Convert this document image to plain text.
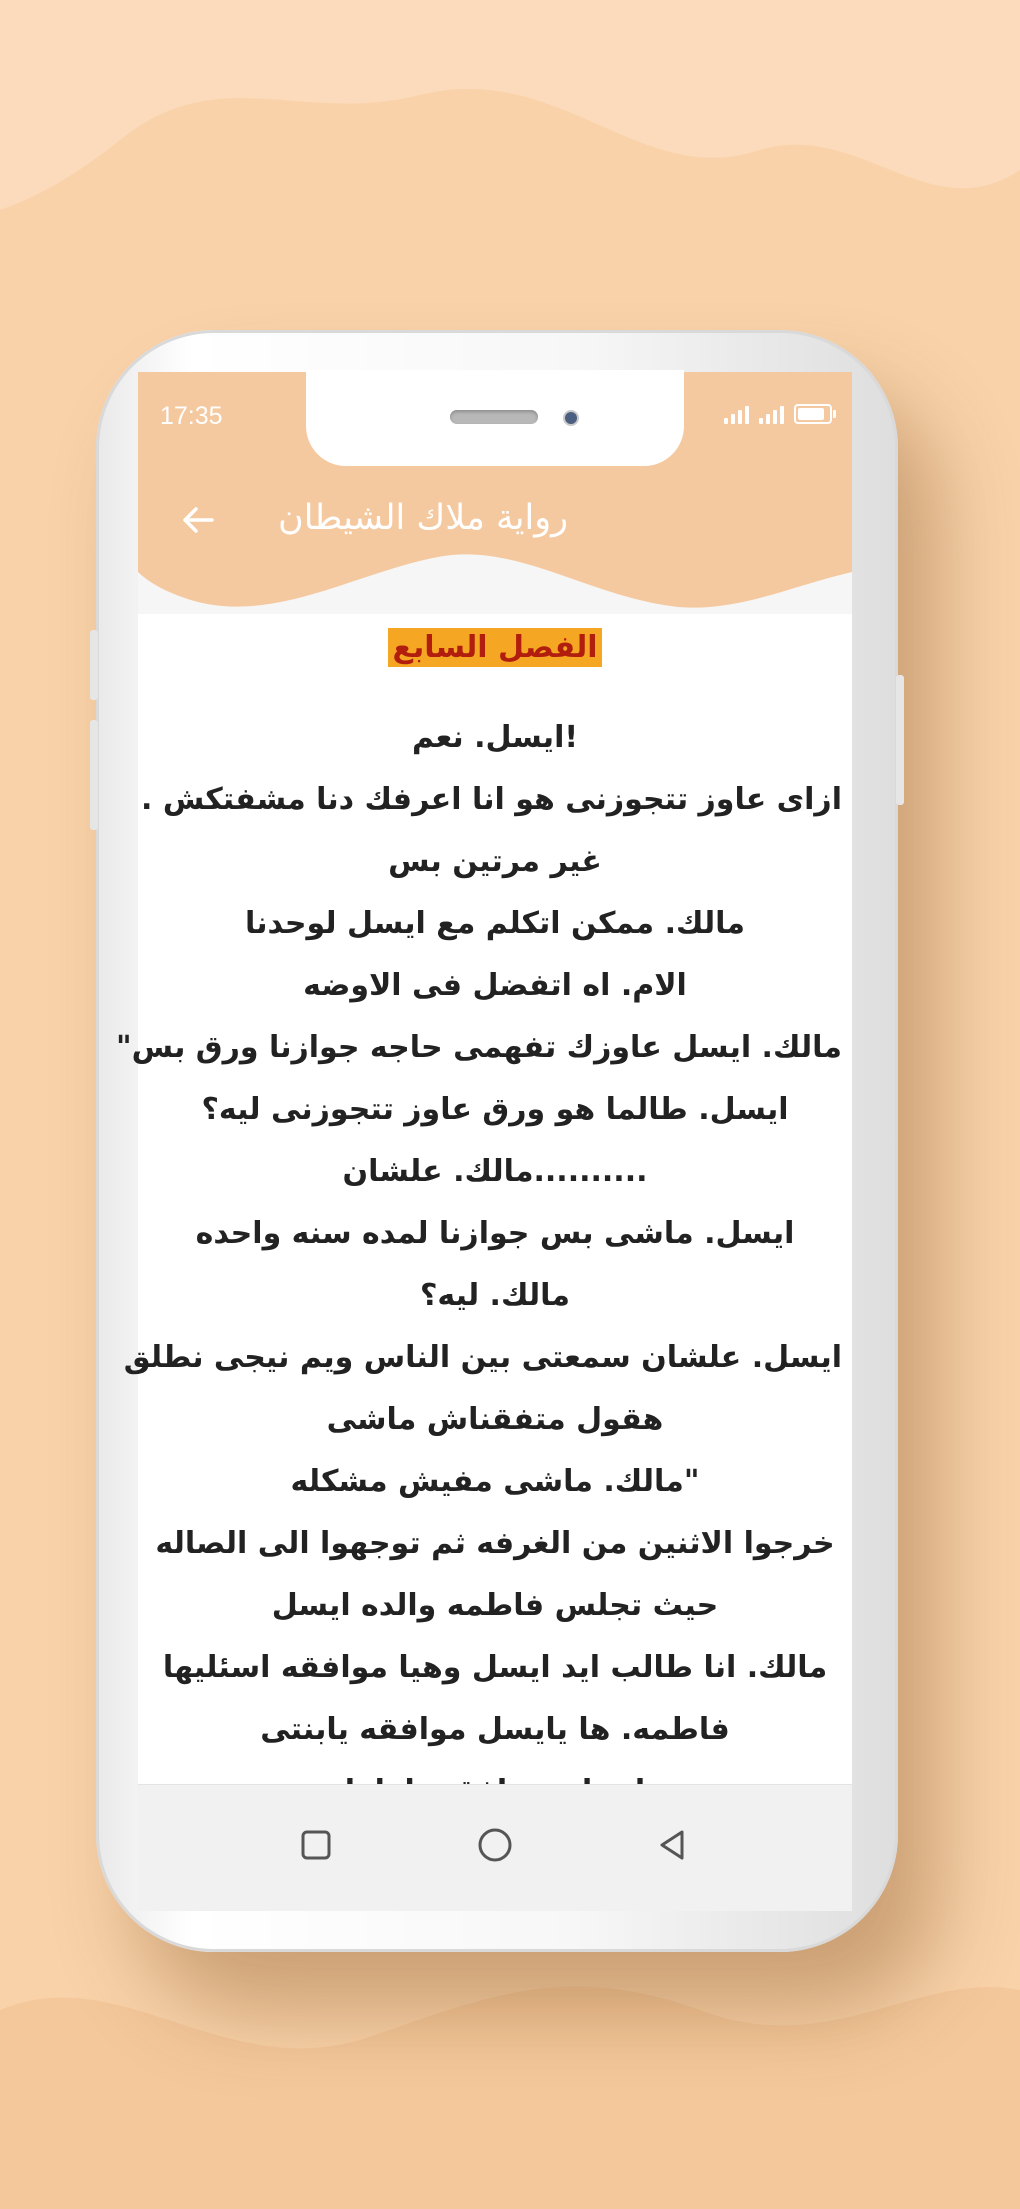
17:35
رواية ملاك الشيطان
الفصل السابع
!ايسل. نعم
ازاى عاوز تتجوزنى هو انا اعرفك دنا مشفتكش .
غير مرتين بس
مالك. ممكن اتكلم مع ايسل لوحدنا
الام. اه اتفضل فى الاوضه
مالك. ايسل عاوزك تفهمى حاجه جوازنا ورق بس"
ايسل. طالما هو ورق عاوز تتجوزنى ليه؟
..........مالك. علشان
ايسل. ماشى بس جوازنا لمده سنه واحده
مالك. ليه؟
ايسل. علشان سمعتى بين الناس ويم نيجى نطلق
هقول متفقناش ماشى
"مالك. ماشى مفيش مشكله
خرجوا الاثنين من الغرفه ثم توجهوا الى الصاله
حيث تجلس فاطمه والده ايسل
مالك. انا طالب ايد ايسل وهيا موافقه اسئليها
فاطمه. ها يايسل موافقه يابنتى
